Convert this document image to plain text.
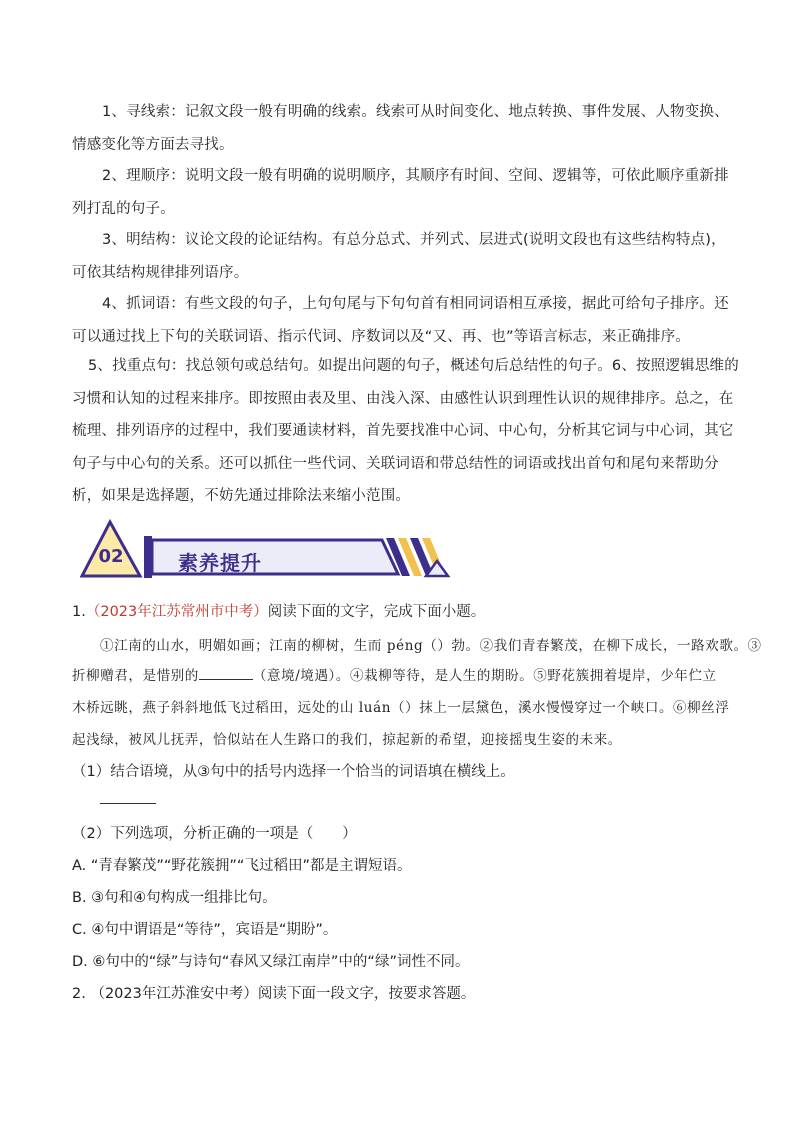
1、寻线索：记叙文段一般有明确的线索。线索可从时间变化、地点转换、事件发展、人物变换、情感变化等方面去寻找。
2、理顺序：说明文段一般有明确的说明顺序，其顺序有时间、空间、逻辑等，可依此顺序重新排列打乱的句子。
3、明结构：议论文段的论证结构。有总分总式、并列式、层进式(说明文段也有这些结构特点)，可依其结构规律排列语序。
4、抓词语：有些文段的句子，上句句尾与下句句首有相同词语相互承接，据此可给句子排序。还可以通过找上下句的关联词语、指示代词、序数词以及“又、再、也”等语言标志，来正确排序。
5、找重点句：找总领句或总结句。如提出问题的句子，概述句后总结性的句子。6、按照逻辑思维的习惯和认知的过程来排序。即按照由表及里、由浅入深、由感性认识到理性认识的规律排序。总之，在梳理、排列语序的过程中，我们要通读材料，首先要找准中心词、中心句，分析其它词与中心词，其它句子与中心句的关系。还可以抓住一些代词、关联词语和带总结性的词语或找出首句和尾句来帮助分析，如果是选择题，不妨先通过排除法来缩小范围。
02	素养提升
1.（2023年江苏常州市中考）阅读下面的文字，完成下面小题。
①江南的山水，明媚如画；江南的柳树，生而 péng（）勃。②我们青春繁茂，在柳下成长，一路欢歌。③
折柳赠君，是惜别的	（意境/境遇）。④栽柳等待，是人生的期盼。⑤野花簇拥着堤岸，少年伫立
木桥远眺，燕子斜斜地低飞过稻田，远处的山 luán（）抹上一层黛色，溪水慢慢穿过一个峡口。⑥柳丝浮
起浅绿，被风儿抚弄，恰似站在人生路口的我们，掠起新的希望，迎接摇曳生姿的未来。
（1）结合语境，从③句中的括号内选择一个恰当的词语填在横线上。
（2）下列选项，分析正确的一项是（　　）
A. “青春繁茂”“野花簇拥”“飞过稻田”都是主谓短语。
B. ③句和④句构成一组排比句。
C. ④句中谓语是“等待”，宾语是“期盼”。
D. ⑥句中的“绿”与诗句“春风又绿江南岸”中的“绿”词性不同。
2. （2023年江苏淮安中考）阅读下面一段文字，按要求答题。
